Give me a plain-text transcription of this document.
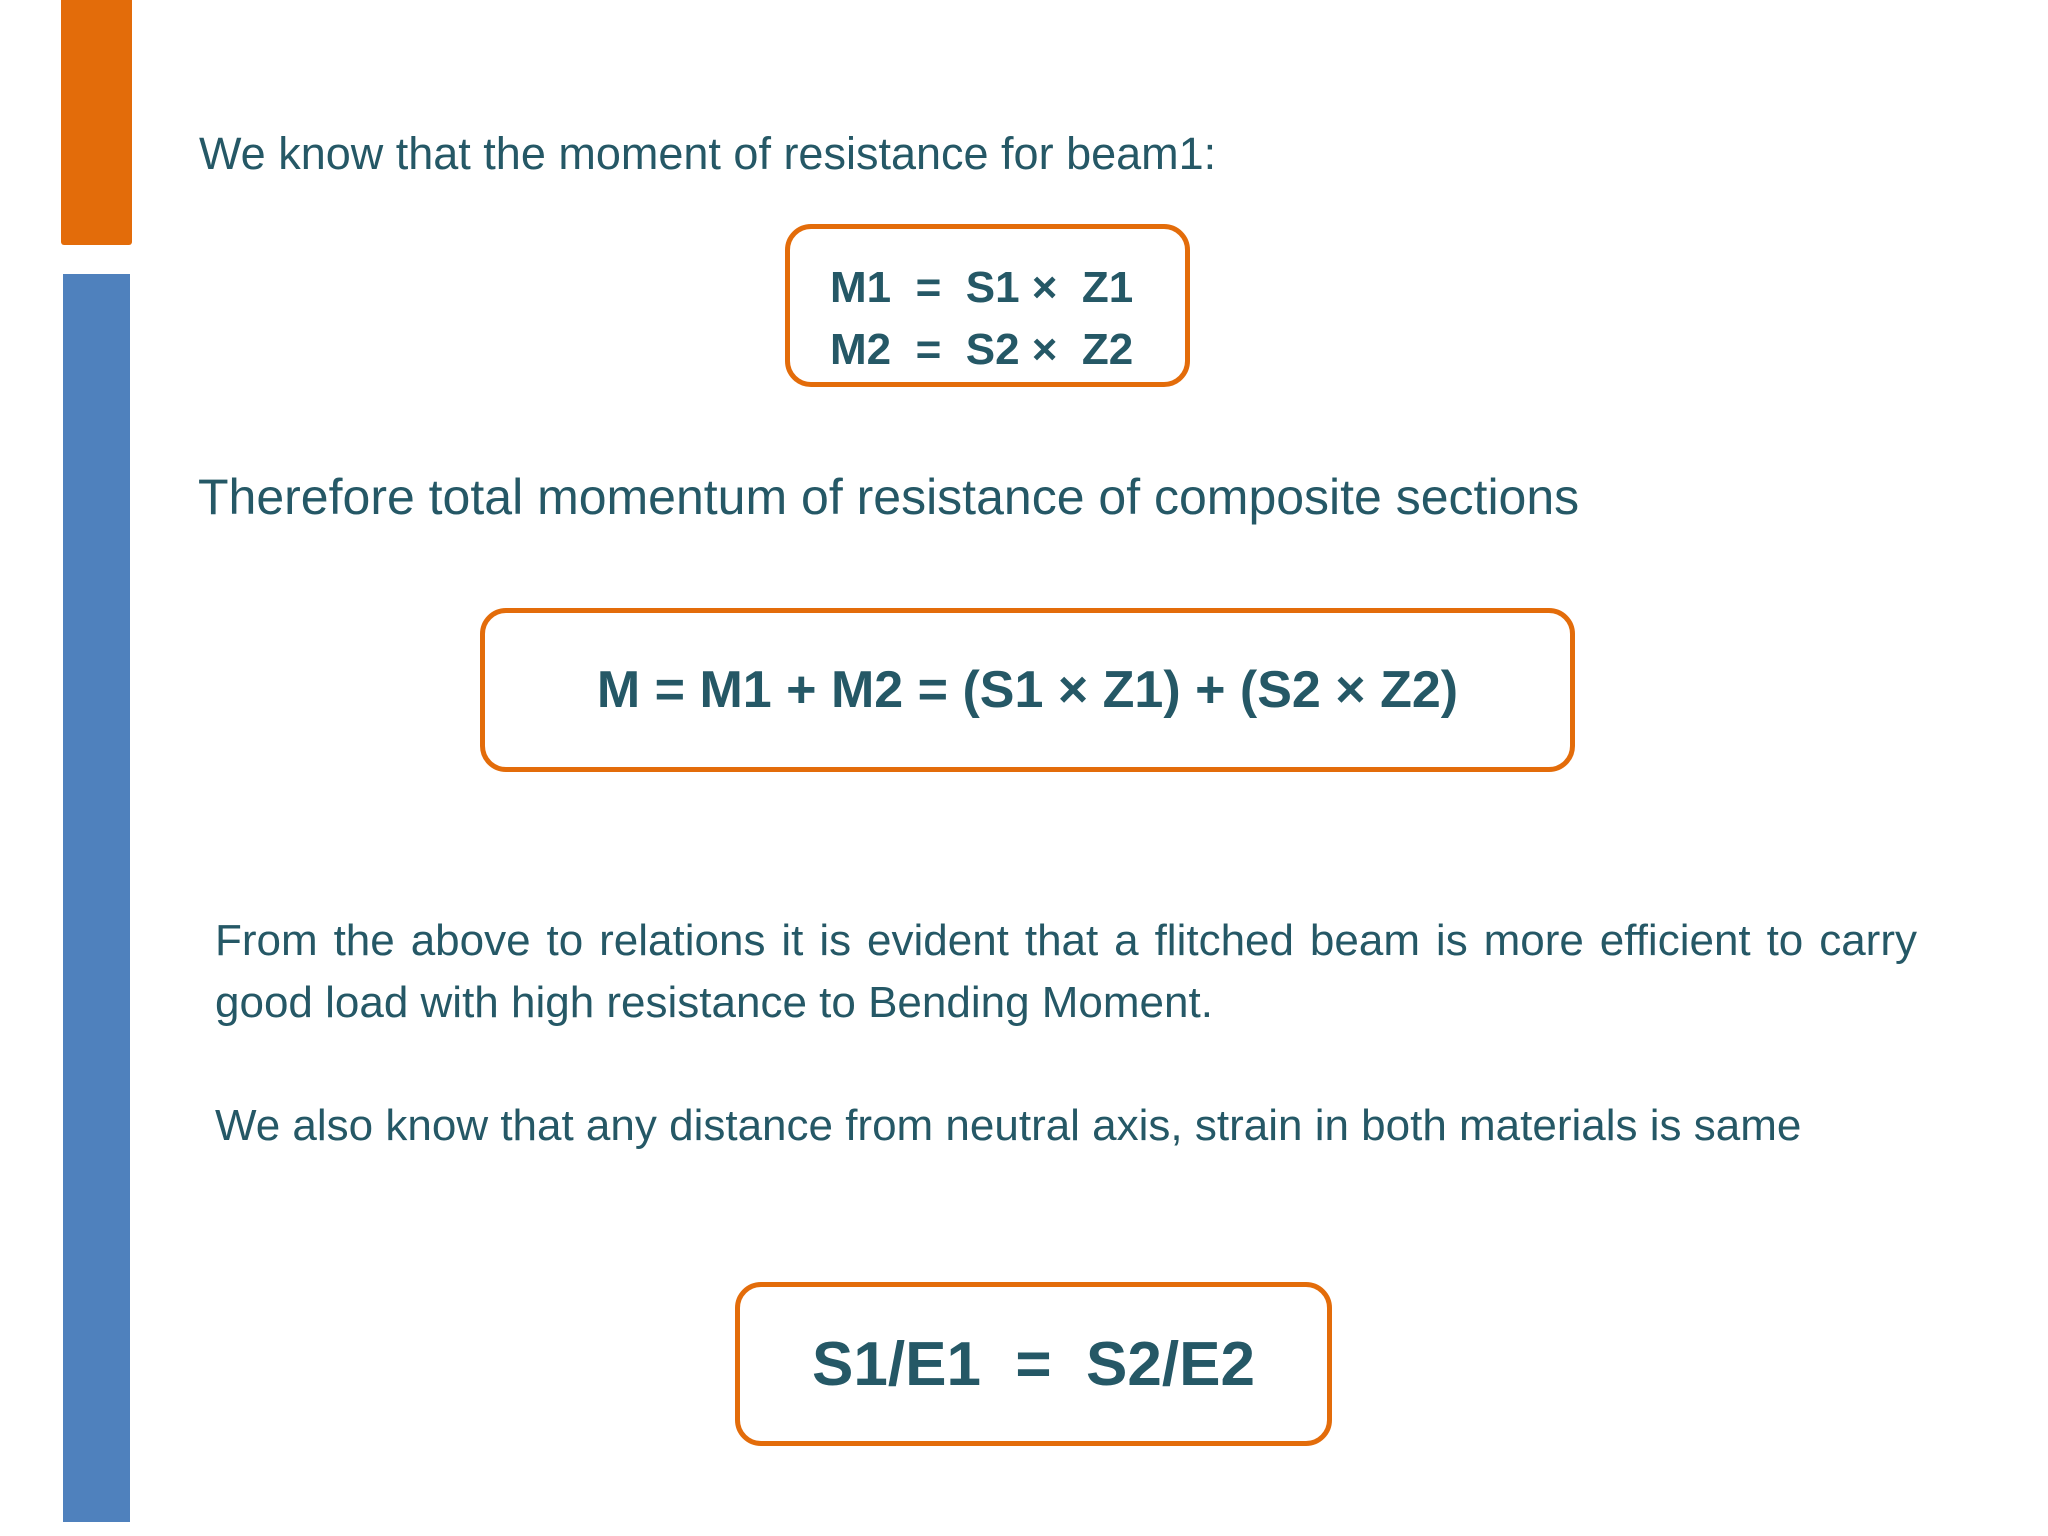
We know that the moment of resistance for beam1:

M1  =  S1 ×  Z1
M2  =  S2 ×  Z2

Therefore total momentum of resistance of composite sections

M = M1 + M2 = (S1 × Z1) + (S2 × Z2)

From the above to relations it is evident that a flitched beam is more efficient to carry good load with high resistance to Bending Moment.

We also know that any distance from neutral axis, strain in both materials is same

S1/E1  =  S2/E2
